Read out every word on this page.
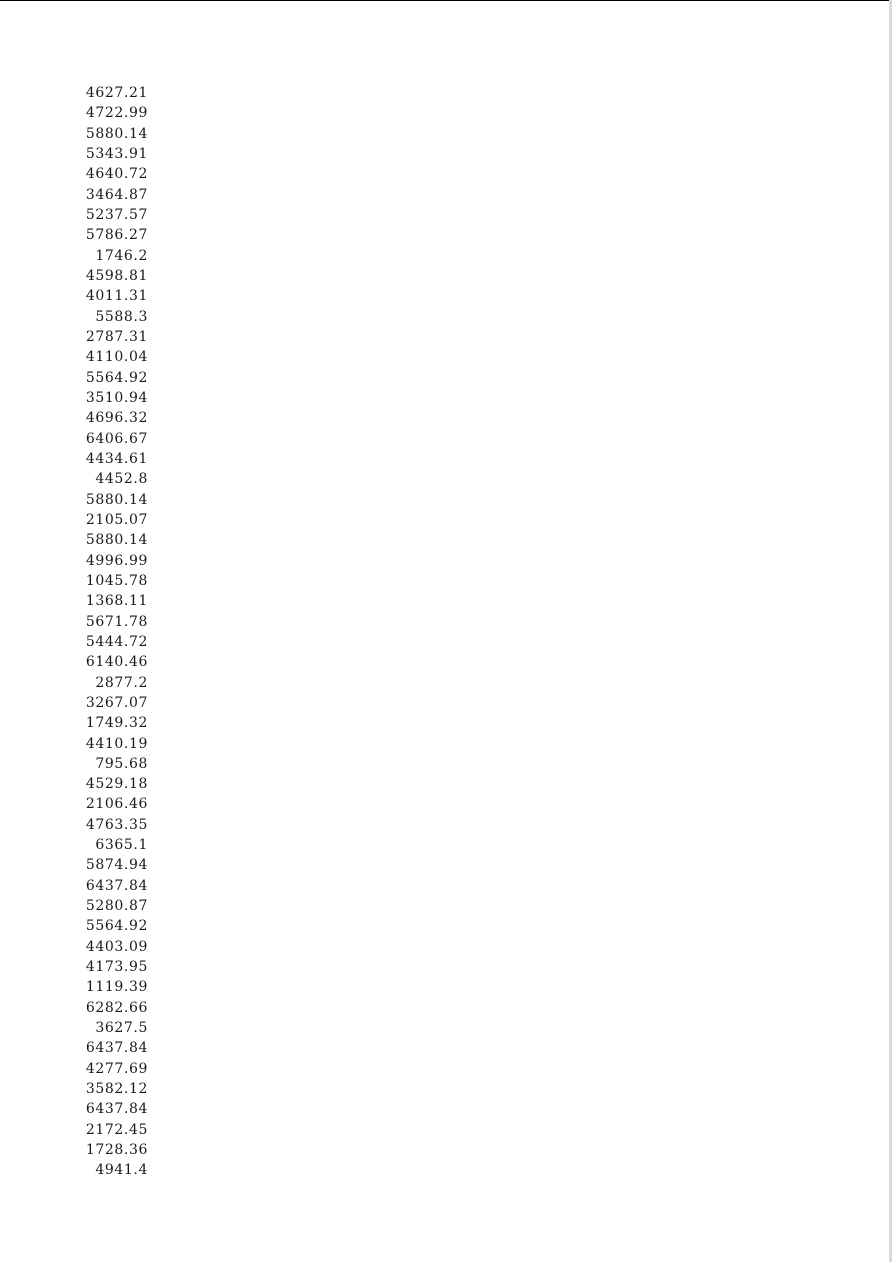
4627.21
4722.99
5880.14
5343.91
4640.72
3464.87
5237.57
5786.27
1746.2
4598.81
4011.31
5588.3
2787.31
4110.04
5564.92
3510.94
4696.32
6406.67
4434.61
4452.8
5880.14
2105.07
5880.14
4996.99
1045.78
1368.11
5671.78
5444.72
6140.46
2877.2
3267.07
1749.32
4410.19
795.68
4529.18
2106.46
4763.35
6365.1
5874.94
6437.84
5280.87
5564.92
4403.09
4173.95
1119.39
6282.66
3627.5
6437.84
4277.69
3582.12
6437.84
2172.45
1728.36
4941.4
